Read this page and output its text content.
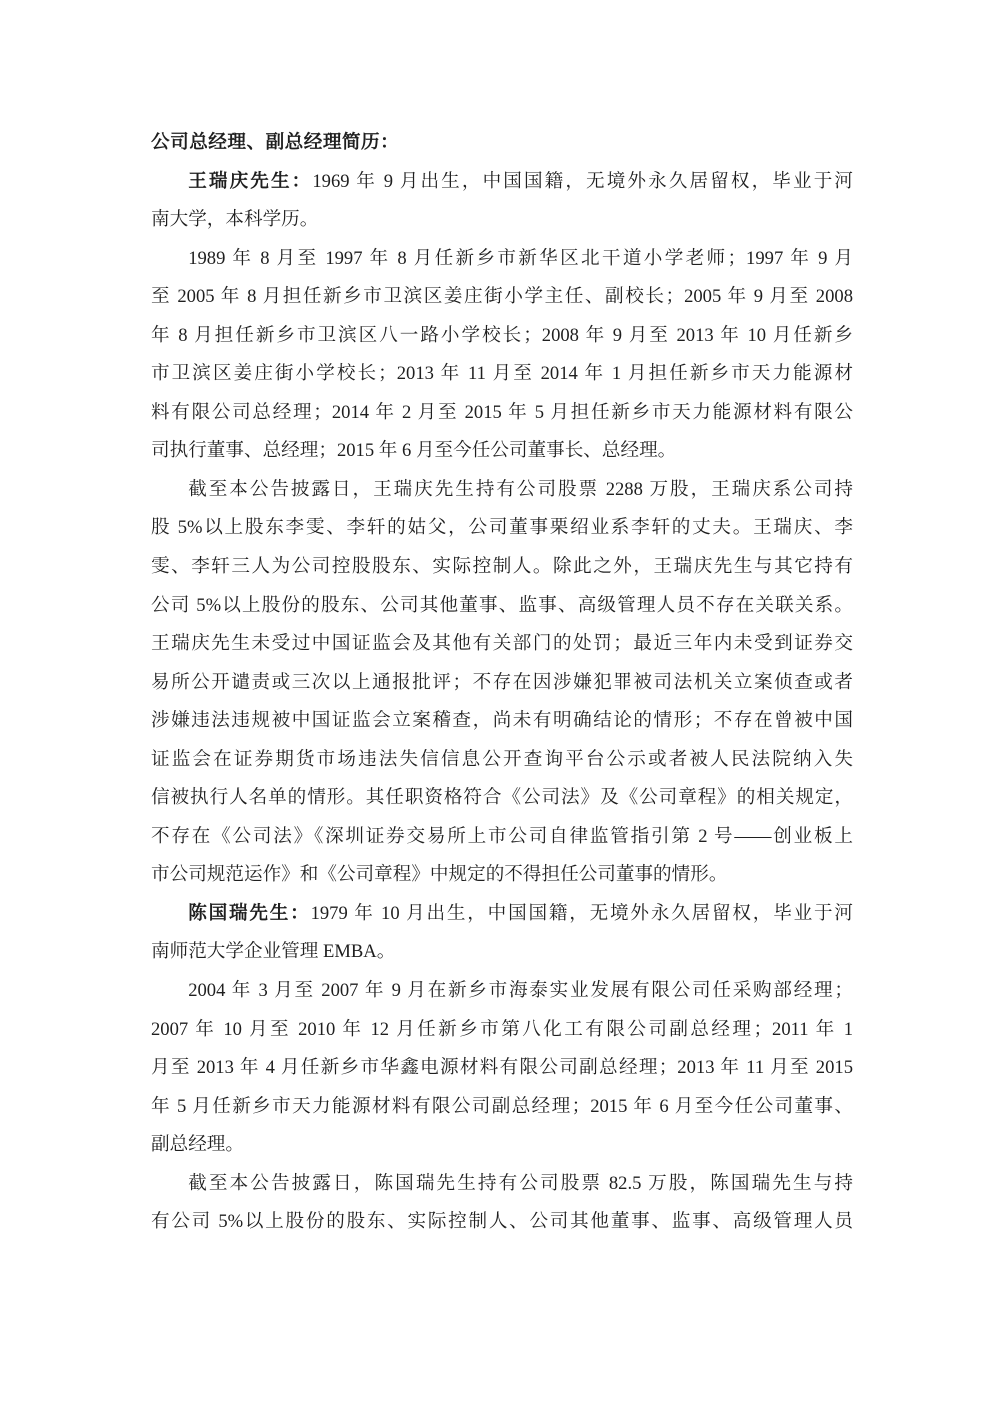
公司总经理、副总经理简历：
王瑞庆先生：1969 年 9 月出生，中国国籍，无境外永久居留权，毕业于河
南大学，本科学历。
1989 年 8 月至 1997 年 8 月任新乡市新华区北干道小学老师；1997 年 9 月
至 2005 年 8 月担任新乡市卫滨区姜庄街小学主任、副校长；2005 年 9 月至 2008
年 8 月担任新乡市卫滨区八一路小学校长；2008 年 9 月至 2013 年 10 月任新乡
市卫滨区姜庄街小学校长；2013 年 11 月至 2014 年 1 月担任新乡市天力能源材
料有限公司总经理；2014 年 2 月至 2015 年 5 月担任新乡市天力能源材料有限公
司执行董事、总经理；2015 年 6 月至今任公司董事长、总经理。
截至本公告披露日，王瑞庆先生持有公司股票 2288 万股，王瑞庆系公司持
股 5%以上股东李雯、李轩的姑父，公司董事栗绍业系李轩的丈夫。王瑞庆、李
雯、李轩三人为公司控股股东、实际控制人。除此之外，王瑞庆先生与其它持有
公司 5%以上股份的股东、公司其他董事、监事、高级管理人员不存在关联关系。
王瑞庆先生未受过中国证监会及其他有关部门的处罚；最近三年内未受到证券交
易所公开谴责或三次以上通报批评；不存在因涉嫌犯罪被司法机关立案侦查或者
涉嫌违法违规被中国证监会立案稽查，尚未有明确结论的情形；不存在曾被中国
证监会在证券期货市场违法失信信息公开查询平台公示或者被人民法院纳入失
信被执行人名单的情形。其任职资格符合《公司法》及《公司章程》的相关规定，
不存在《公司法》《深圳证券交易所上市公司自律监管指引第 2 号——创业板上
市公司规范运作》和《公司章程》中规定的不得担任公司董事的情形。
陈国瑞先生：1979 年 10 月出生，中国国籍，无境外永久居留权，毕业于河
南师范大学企业管理 EMBA。
2004 年 3 月至 2007 年 9 月在新乡市海泰实业发展有限公司任采购部经理；
2007 年 10 月至 2010 年 12 月任新乡市第八化工有限公司副总经理；2011 年 1
月至 2013 年 4 月任新乡市华鑫电源材料有限公司副总经理；2013 年 11 月至 2015
年 5 月任新乡市天力能源材料有限公司副总经理；2015 年 6 月至今任公司董事、
副总经理。
截至本公告披露日，陈国瑞先生持有公司股票 82.5 万股，陈国瑞先生与持
有公司 5%以上股份的股东、实际控制人、公司其他董事、监事、高级管理人员
